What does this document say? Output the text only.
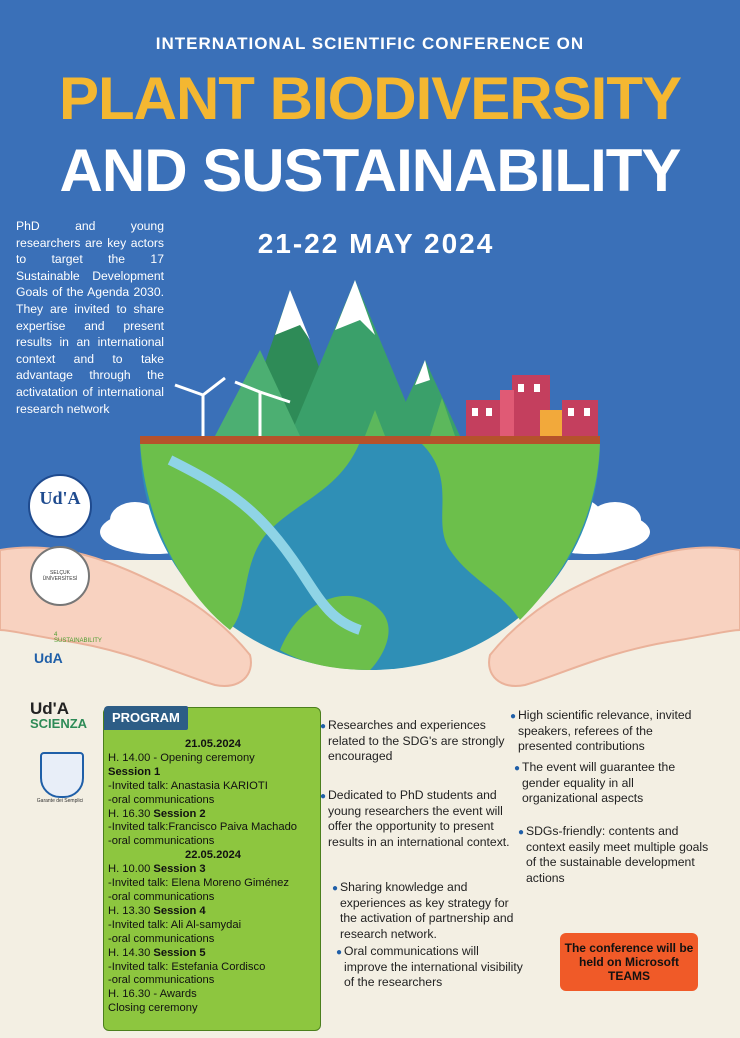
INTERNATIONAL SCIENTIFIC CONFERENCE ON
PLANT BIODIVERSITY
AND SUSTAINABILITY
21-22 MAY 2024
PhD and young researchers are key actors to target the 17 Sustainable Development Goals of the Agenda 2030. They are invited to share expertise and present results in an international context and to take advantage through the activatation of international research network
Ud'A
SELÇUK ÜNİVERSİTESİ
UdA
4 SUSTAINABILITY
Ud'A
SCIENZA
Garante dei Semplici
PROGRAM
21.05.2024
H. 14.00 - Opening ceremony
Session 1
-Invited talk: Anastasia KARIOTI
-oral communications
H. 16.30 Session 2
-Invited talk:Francisco Paiva Machado
-oral communications
22.05.2024
H. 10.00 Session 3
-Invited talk: Elena Moreno Giménez
-oral communications
H. 13.30 Session 4
-Invited talk: Ali Al-samydai
-oral communications
H. 14.30 Session 5
-Invited talk: Estefania Cordisco
-oral communications
H. 16.30 - Awards
Closing ceremony
Researches and experiences related to the SDG's are strongly encouraged
Dedicated to PhD students and young researchers the event will offer the opportunity to present results in an international context.
Sharing knowledge and experiences as key strategy for the activation of partnership and research network.
Oral communications will improve the international visibility of the researchers
High scientific relevance, invited speakers, referees of the presented contributions
The event will guarantee the gender equality in all organizational aspects
SDGs-friendly: contents and context easily meet multiple goals of the sustainable development actions
●
●
●
●
●
●
●
The conference will be held on Microsoft TEAMS
